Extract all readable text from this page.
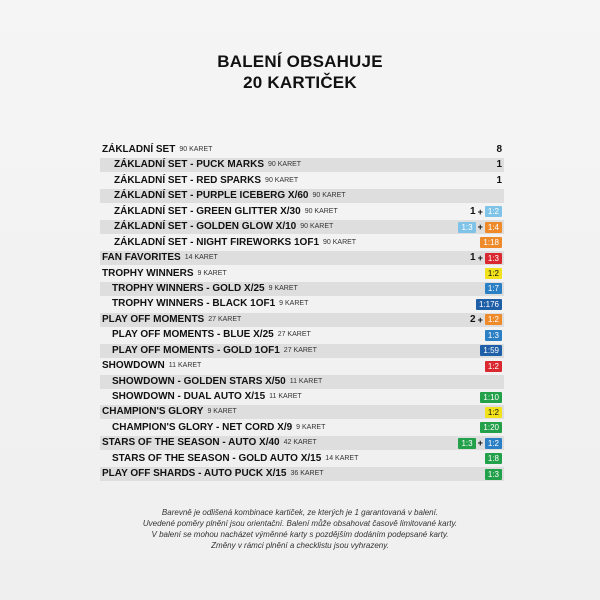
BALENÍ OBSAHUJE
20 KARTIČEK
ZÁKLADNÍ SET 90 KARET	8
ZÁKLADNÍ SET - PUCK MARKS 90 KARET	1
ZÁKLADNÍ SET - RED SPARKS 90 KARET	1
ZÁKLADNÍ SET - PURPLE ICEBERG X/60 90 KARET
ZÁKLADNÍ SET - GREEN GLITTER X/30 90 KARET	1 + 1:2
ZÁKLADNÍ SET - GOLDEN GLOW X/10 90 KARET	1:3 + 1:4
ZÁKLADNÍ SET - NIGHT FIREWORKS 1OF1 90 KARET	1:18
FAN FAVORITES 14 KARET	1 + 1:3
TROPHY WINNERS 9 KARET	1:2
TROPHY WINNERS - GOLD X/25 9 KARET	1:7
TROPHY WINNERS - BLACK 1OF1 9 KARET	1:176
PLAY OFF MOMENTS 27 KARET	2 + 1:2
PLAY OFF MOMENTS - BLUE X/25 27 KARET	1:3
PLAY OFF MOMENTS - GOLD 1OF1 27 KARET	1:59
SHOWDOWN 11 KARET	1:2
SHOWDOWN - GOLDEN STARS X/50 11 KARET
SHOWDOWN - DUAL AUTO X/15 11 KARET	1:10
CHAMPION'S GLORY 9 KARET	1:2
CHAMPION'S GLORY - NET CORD X/9 9 KARET	1:20
STARS OF THE SEASON - AUTO X/40 42 KARET	1:3 + 1:2
STARS OF THE SEASON - GOLD AUTO X/15 14 KARET	1:8
PLAY OFF SHARDS - AUTO PUCK X/15 36 KARET	1:3
Barevně je odlišená kombinace kartiček, ze kterých je 1 garantovaná v balení.
Uvedené poměry plnění jsou orientační. Balení může obsahovat časově limitované karty.
V balení se mohou nacházet výměnné karty s pozdějším dodáním podepsané karty.
Změny v rámci plnění a checklistu jsou vyhrazeny.
